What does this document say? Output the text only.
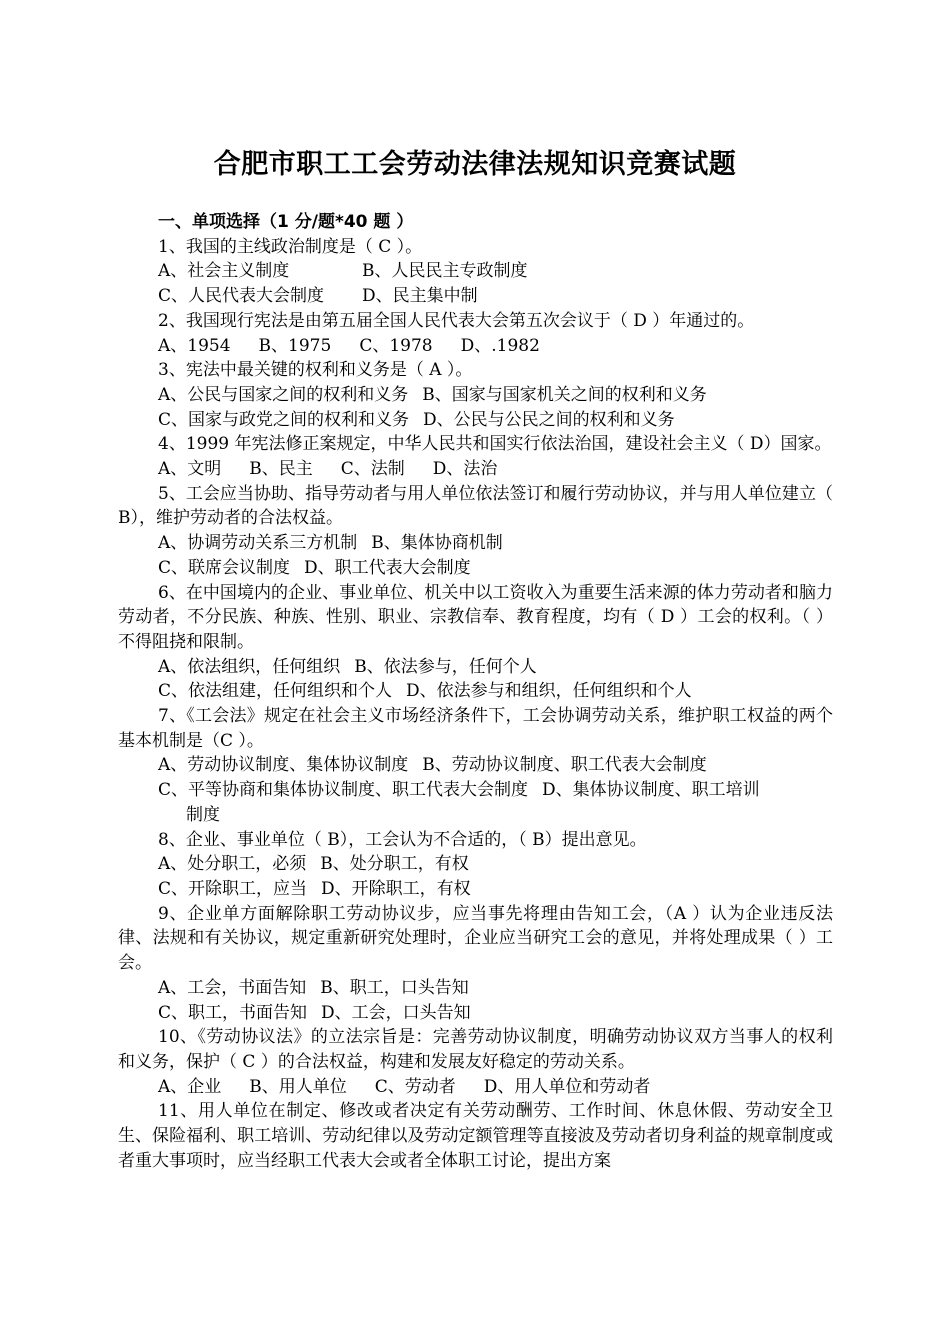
合肥市职工工会劳动法律法规知识竞赛试题

一、单项选择（1 分/题*40 题 ）

1、我国的主线政治制度是（ C ）。

A、社会主义制度	B、人民民主专政制度

C、人民代表大会制度 D、民主集中制

2、我国现行宪法是由第五届全国人民代表大会第五次会议于（ D ）年通过的。

A、1954 B、1975 C、1978 D、.1982

3、宪法中最关键的权利和义务是（ A ）。

A、公民与国家之间的权利和义务 B、国家与国家机关之间的权利和义务

C、国家与政党之间的权利和义务 D、公民与公民之间的权利和义务

4、1999 年宪法修正案规定，中华人民共和国实行依法治国，建设社会主义（ D）国家。

A、文明 B、民主 C、法制 D、法治

5、工会应当协助、指导劳动者与用人单位依法签订和履行劳动协议，并与用人单位建立（ B），维护劳动者的合法权益。

A、协调劳动关系三方机制 B、集体协商机制

C、联席会议制度 D、职工代表大会制度

6、在中国境内的企业、事业单位、机关中以工资收入为重要生活来源的体力劳动者和脑力劳动者，不分民族、种族、性别、职业、宗教信奉、教育程度，均有（ D ）工会的权利。（ ）不得阻挠和限制。

A、依法组织，任何组织 B、依法参与，任何个人

C、依法组建，任何组织和个人 D、依法参与和组织，任何组织和个人

7、《工会法》规定在社会主义市场经济条件下，工会协调劳动关系，维护职工权益的两个基本机制是（C ）。

A、劳动协议制度、集体协议制度 B、劳动协议制度、职工代表大会制度

C、平等协商和集体协议制度、职工代表大会制度 D、集体协议制度、职工培训

制度

8、企业、事业单位（ B），工会认为不合适的，（ B）提出意见。

A、处分职工，必须 B、处分职工，有权

C、开除职工，应当 D、开除职工，有权

9、企业单方面解除职工劳动协议步，应当事先将理由告知工会，（A ）认为企业违反法律、法规和有关协议，规定重新研究处理时，企业应当研究工会的意见，并将处理成果（ ）工会。

A、工会，书面告知 B、职工，口头告知

C、职工，书面告知 D、工会，口头告知

10、《劳动协议法》的立法宗旨是：完善劳动协议制度，明确劳动协议双方当事人的权利和义务，保护（ C ）的合法权益，构建和发展友好稳定的劳动关系。

A、企业 B、用人单位 C、劳动者 D、用人单位和劳动者

11、用人单位在制定、修改或者决定有关劳动酬劳、工作时间、休息休假、劳动安全卫生、保险福利、职工培训、劳动纪律以及劳动定额管理等直接波及劳动者切身利益的规章制度或者重大事项时，应当经职工代表大会或者全体职工讨论，提出方案
